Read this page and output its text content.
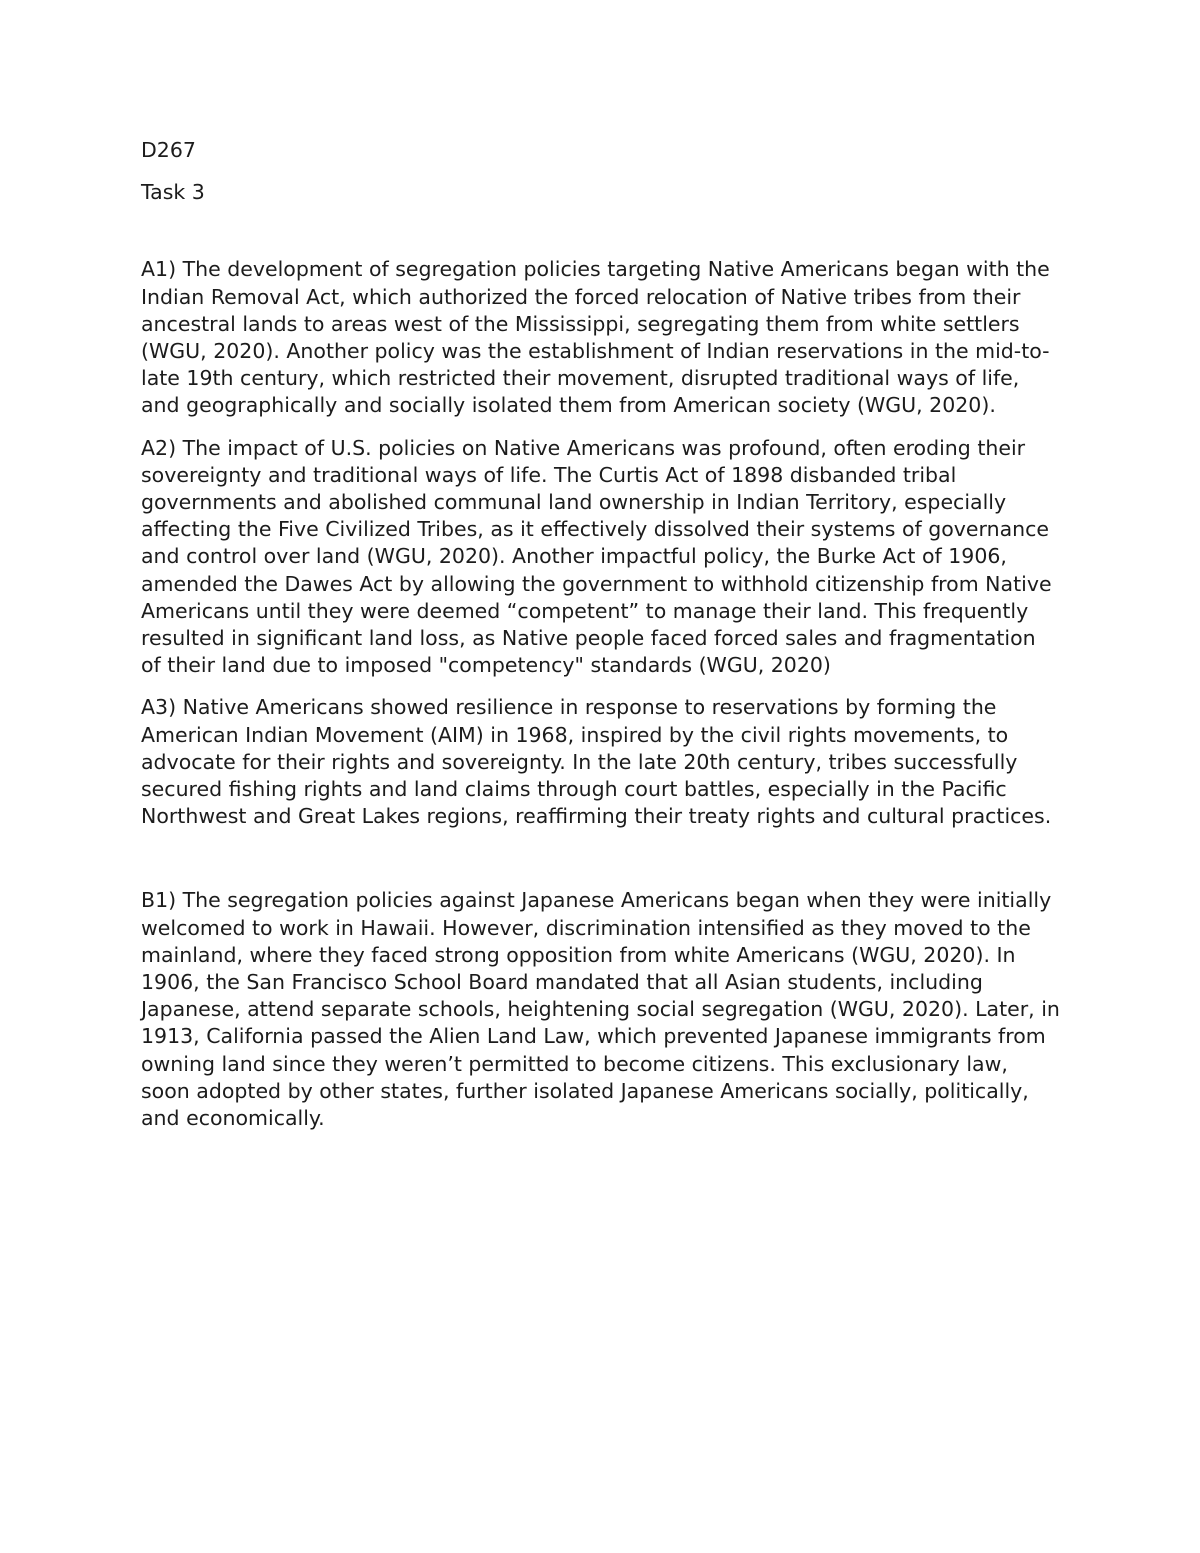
D267

Task 3

A1) The development of segregation policies targeting Native Americans began with the Indian Removal Act, which authorized the forced relocation of Native tribes from their ancestral lands to areas west of the Mississippi, segregating them from white settlers (WGU, 2020). Another policy was the establishment of Indian reservations in the mid-to-late 19th century, which restricted their movement, disrupted traditional ways of life, and geographically and socially isolated them from American society (WGU, 2020).

A2) The impact of U.S. policies on Native Americans was profound, often eroding their sovereignty and traditional ways of life. The Curtis Act of 1898 disbanded tribal governments and abolished communal land ownership in Indian Territory, especially affecting the Five Civilized Tribes, as it effectively dissolved their systems of governance and control over land (WGU, 2020). Another impactful policy, the Burke Act of 1906, amended the Dawes Act by allowing the government to withhold citizenship from Native Americans until they were deemed “competent” to manage their land. This frequently resulted in significant land loss, as Native people faced forced sales and fragmentation of their land due to imposed "competency" standards (WGU, 2020)

A3) Native Americans showed resilience in response to reservations by forming the American Indian Movement (AIM) in 1968, inspired by the civil rights movements, to advocate for their rights and sovereignty. In the late 20th century, tribes successfully secured fishing rights and land claims through court battles, especially in the Pacific Northwest and Great Lakes regions, reaffirming their treaty rights and cultural practices.

B1) The segregation policies against Japanese Americans began when they were initially welcomed to work in Hawaii. However, discrimination intensified as they moved to the mainland, where they faced strong opposition from white Americans (WGU, 2020). In 1906, the San Francisco School Board mandated that all Asian students, including Japanese, attend separate schools, heightening social segregation (WGU, 2020). Later, in 1913, California passed the Alien Land Law, which prevented Japanese immigrants from owning land since they weren’t permitted to become citizens. This exclusionary law, soon adopted by other states, further isolated Japanese Americans socially, politically, and economically.
